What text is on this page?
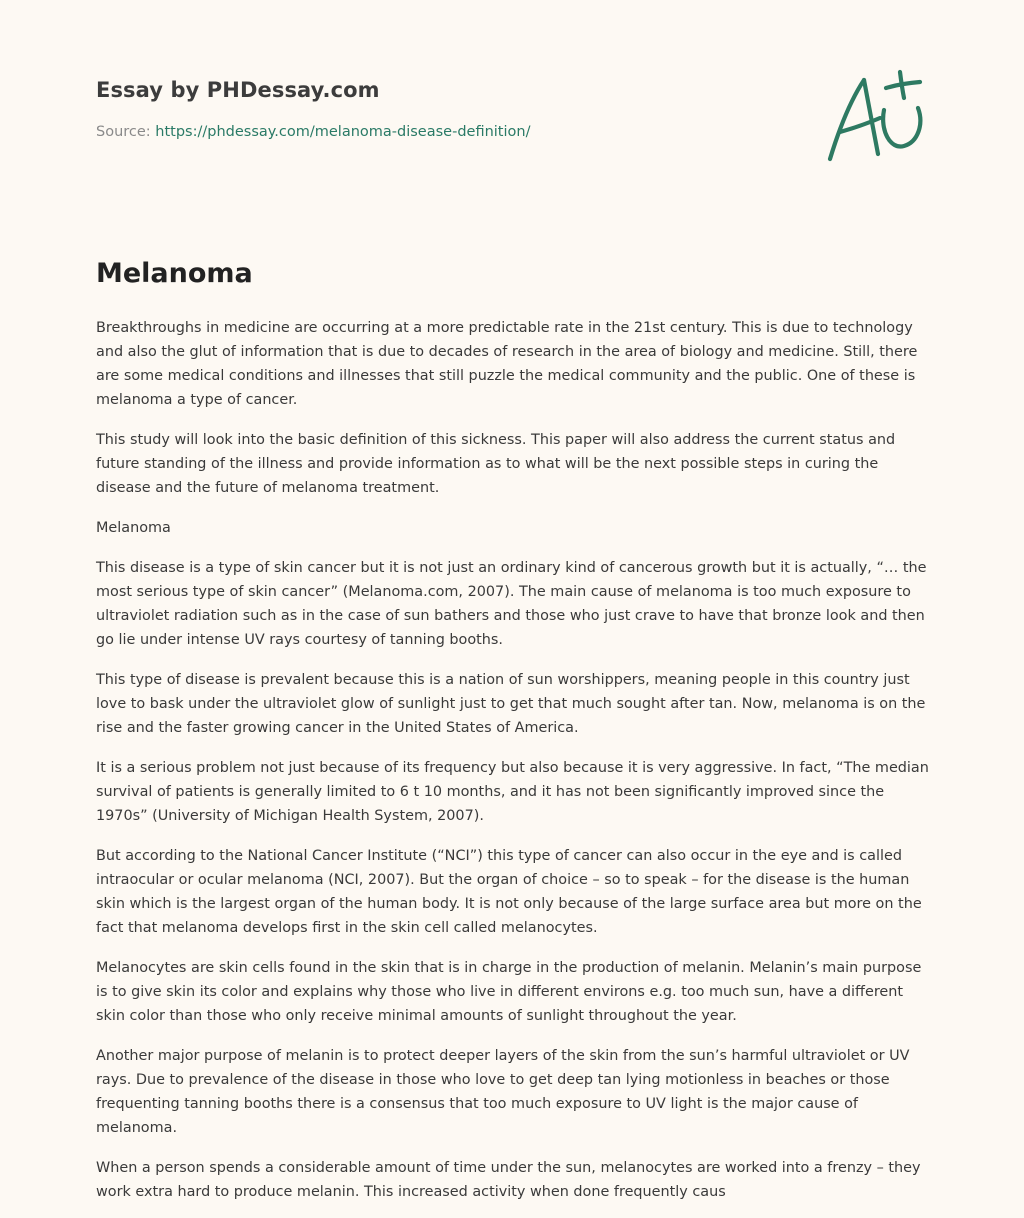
Essay by PHDessay.com
Source: https://phdessay.com/melanoma-disease-definition/
Melanoma

Breakthroughs in medicine are occurring at a more predictable rate in the 21st century. This is due to technology and also the glut of information that is due to decades of research in the area of biology and medicine. Still, there are some medical conditions and illnesses that still puzzle the medical community and the public. One of these is melanoma a type of cancer.

This study will look into the basic definition of this sickness. This paper will also address the current status and future standing of the illness and provide information as to what will be the next possible steps in curing the disease and the future of melanoma treatment.

Melanoma

This disease is a type of skin cancer but it is not just an ordinary kind of cancerous growth but it is actually, “… the most serious type of skin cancer” (Melanoma.com, 2007). The main cause of melanoma is too much exposure to ultraviolet radiation such as in the case of sun bathers and those who just crave to have that bronze look and then go lie under intense UV rays courtesy of tanning booths.

This type of disease is prevalent because this is a nation of sun worshippers, meaning people in this country just love to bask under the ultraviolet glow of sunlight just to get that much sought after tan. Now, melanoma is on the rise and the faster growing cancer in the United States of America.

It is a serious problem not just because of its frequency but also because it is very aggressive. In fact, “The median survival of patients is generally limited to 6 t 10 months, and it has not been significantly improved since the 1970s” (University of Michigan Health System, 2007).

But according to the National Cancer Institute (“NCI”) this type of cancer can also occur in the eye and is called intraocular or ocular melanoma (NCI, 2007). But the organ of choice – so to speak – for the disease is the human skin which is the largest organ of the human body. It is not only because of the large surface area but more on the fact that melanoma develops first in the skin cell called melanocytes.

Melanocytes are skin cells found in the skin that is in charge in the production of melanin. Melanin’s main purpose is to give skin its color and explains why those who live in different environs e.g. too much sun, have a different skin color than those who only receive minimal amounts of sunlight throughout the year.

Another major purpose of melanin is to protect deeper layers of the skin from the sun’s harmful ultraviolet or UV rays. Due to prevalence of the disease in those who love to get deep tan lying motionless in beaches or those frequenting tanning booths there is a consensus that too much exposure to UV light is the major cause of melanoma.

When a person spends a considerable amount of time under the sun, melanocytes are worked into a frenzy – they work extra hard to produce melanin. This increased activity when done frequently caus
